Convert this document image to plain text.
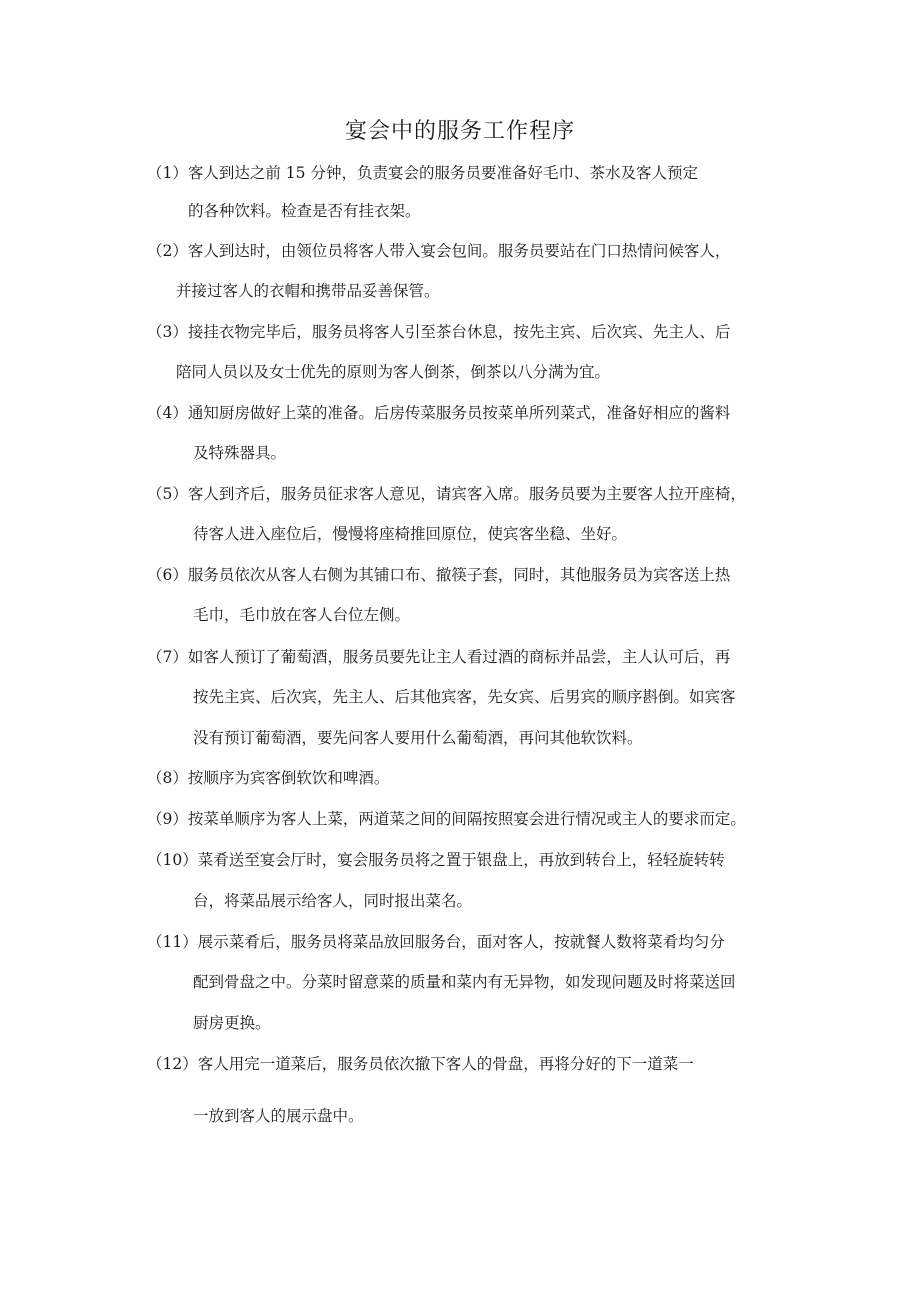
宴会中的服务工作程序
（1）客人到达之前 15 分钟，负责宴会的服务员要准备好毛巾、茶水及客人预定
的各种饮料。检查是否有挂衣架。
（2）客人到达时，由领位员将客人带入宴会包间。服务员要站在门口热情问候客人，
并接过客人的衣帽和携带品妥善保管。
（3）接挂衣物完毕后，服务员将客人引至茶台休息，按先主宾、后次宾、先主人、后
陪同人员以及女士优先的原则为客人倒茶，倒茶以八分满为宜。
（4）通知厨房做好上菜的准备。后房传菜服务员按菜单所列菜式，准备好相应的酱料
及特殊器具。
（5）客人到齐后，服务员征求客人意见，请宾客入席。服务员要为主要客人拉开座椅，
待客人进入座位后，慢慢将座椅推回原位，使宾客坐稳、坐好。
（6）服务员依次从客人右侧为其铺口布、撤筷子套，同时，其他服务员为宾客送上热
毛巾，毛巾放在客人台位左侧。
（7）如客人预订了葡萄酒，服务员要先让主人看过酒的商标并品尝，主人认可后，再
按先主宾、后次宾，先主人、后其他宾客，先女宾、后男宾的顺序斟倒。如宾客
没有预订葡萄酒，要先问客人要用什么葡萄酒，再问其他软饮料。
（8）按顺序为宾客倒软饮和啤酒。
（9）按菜单顺序为客人上菜，两道菜之间的间隔按照宴会进行情况或主人的要求而定。
（10）菜肴送至宴会厅时，宴会服务员将之置于银盘上，再放到转台上，轻轻旋转转
台，将菜品展示给客人，同时报出菜名。
（11）展示菜肴后，服务员将菜品放回服务台，面对客人，按就餐人数将菜肴均匀分
配到骨盘之中。分菜时留意菜的质量和菜内有无异物，如发现问题及时将菜送回
厨房更换。
（12）客人用完一道菜后，服务员依次撤下客人的骨盘，再将分好的下一道菜一
一放到客人的展示盘中。
